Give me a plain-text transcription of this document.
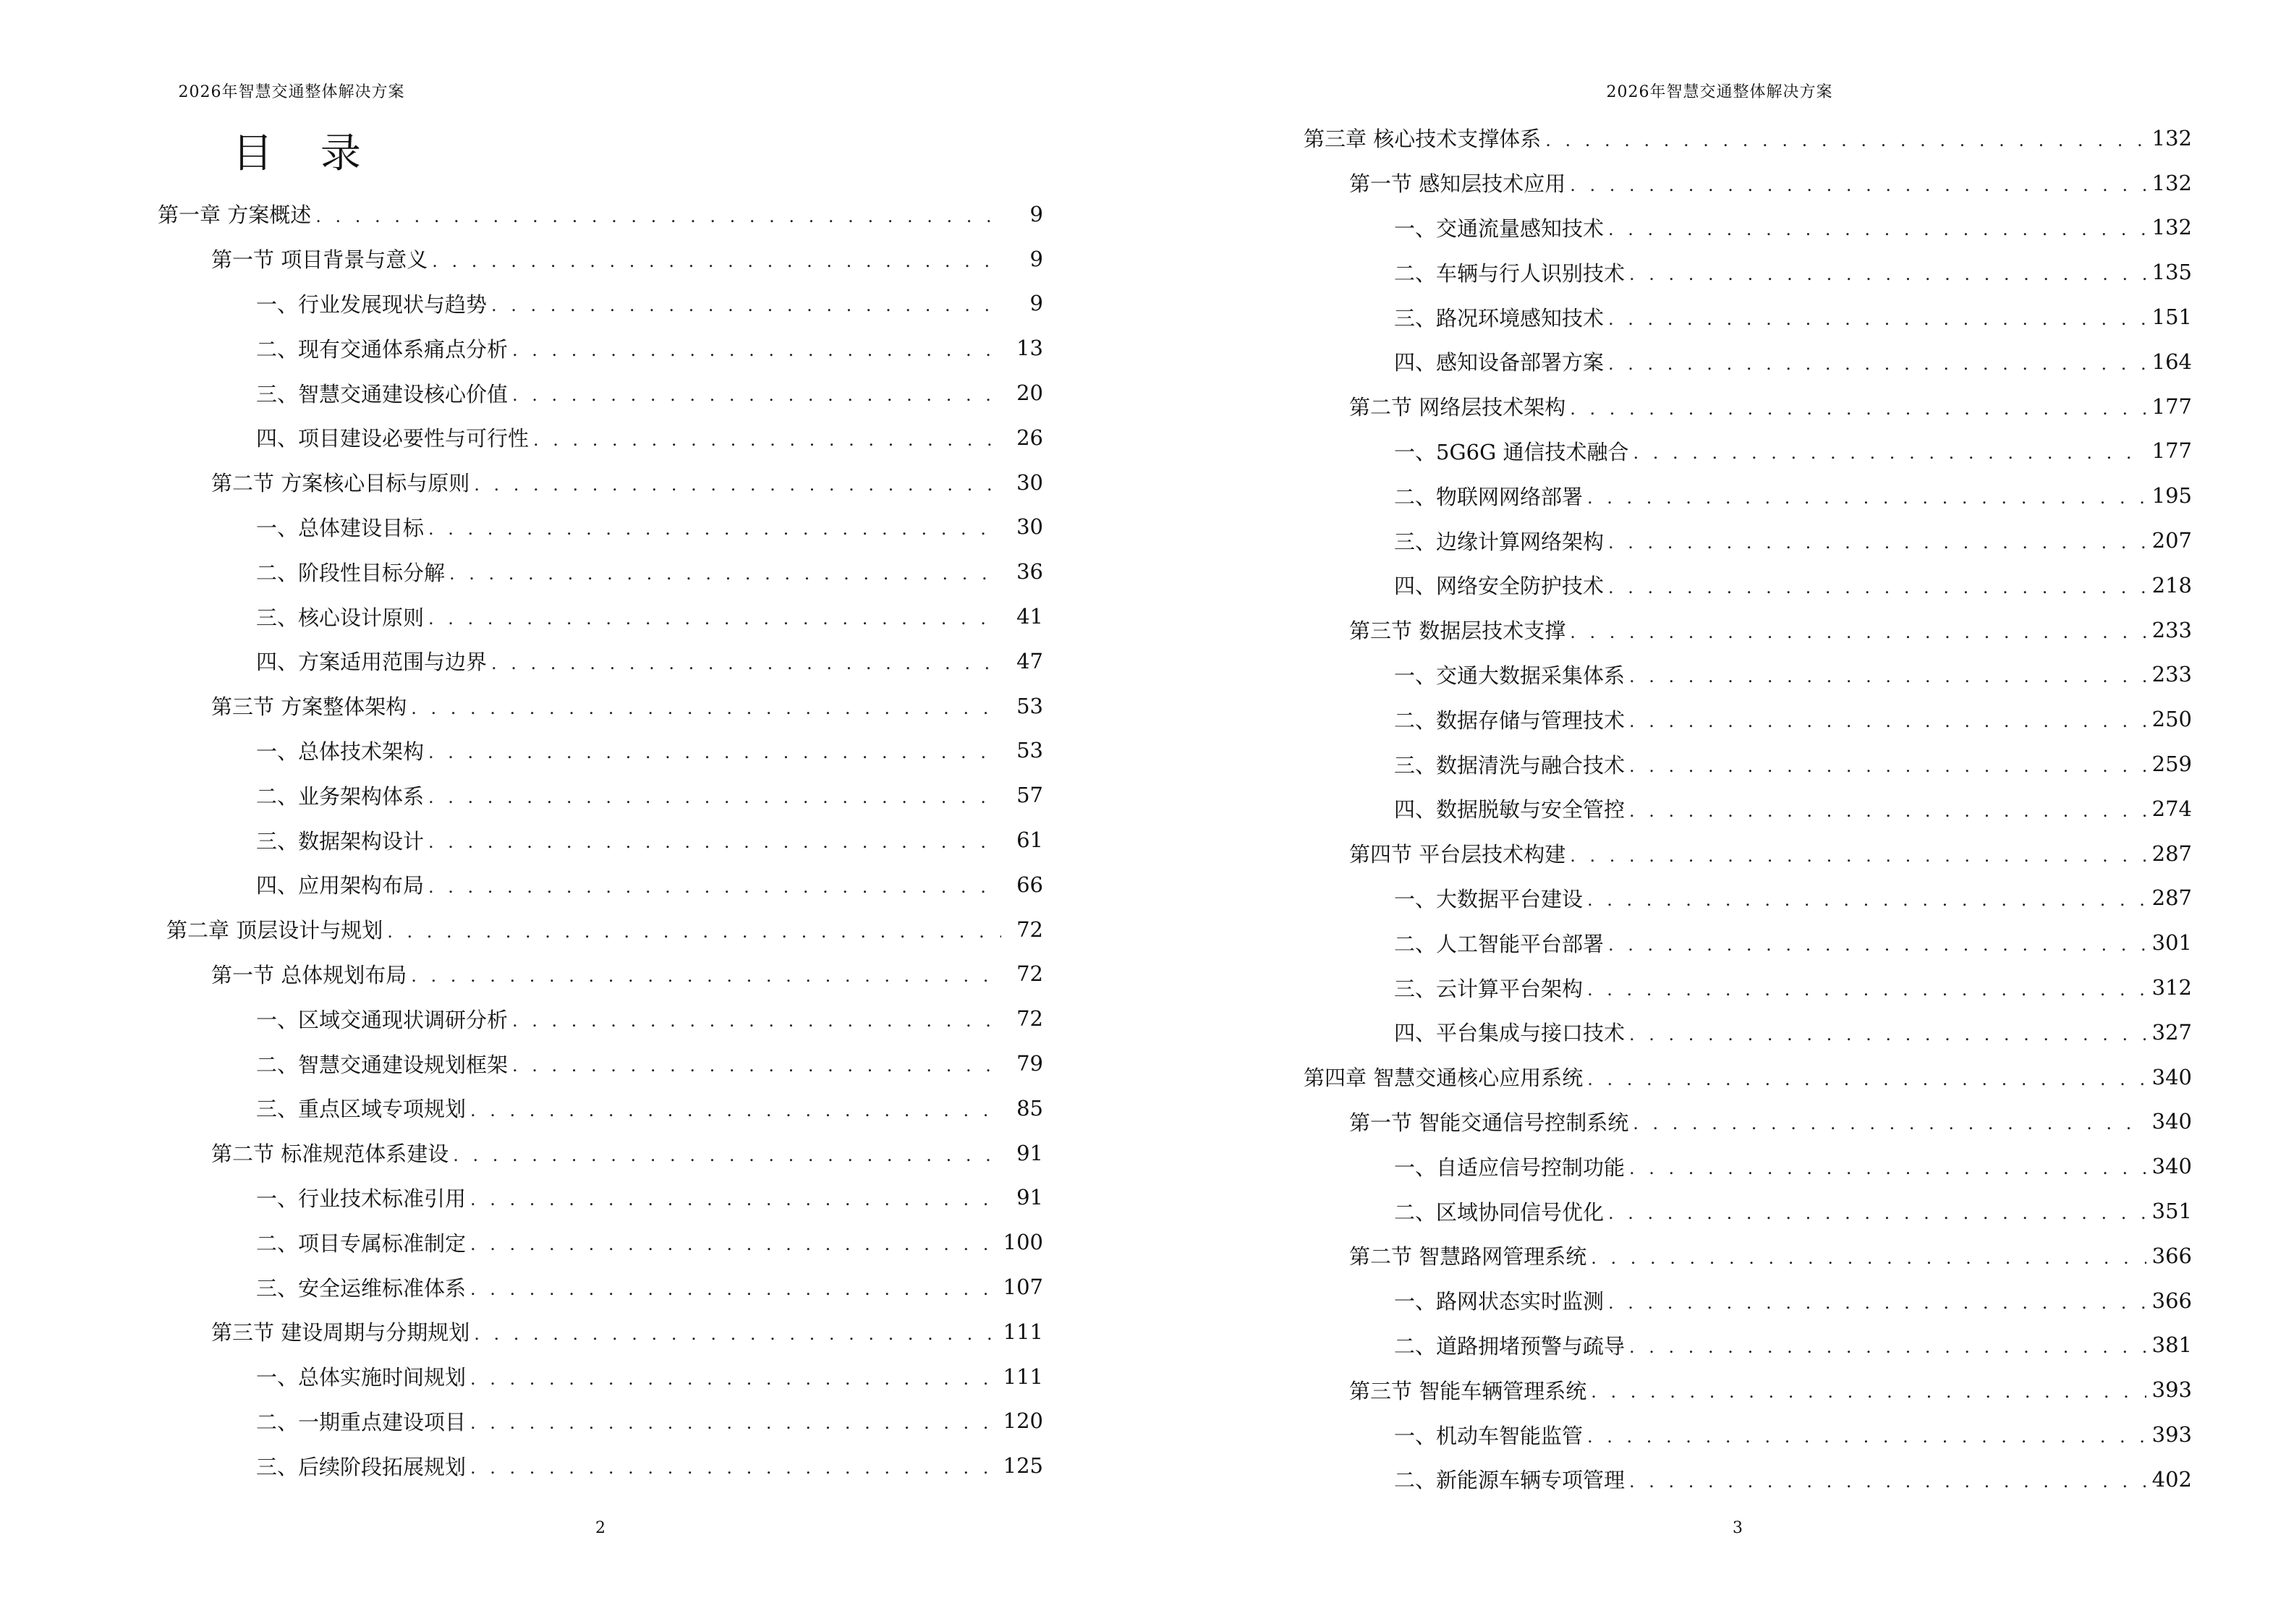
2026年智慧交通整体解决方案
目 录
第一章 方案概述 . . .	9
第一节 项目背景与意义 . . .	9
一、行业发展现状与趋势 . . .	9
二、现有交通体系痛点分析 . . .	13
三、智慧交通建设核心价值 . . .	20
四、项目建设必要性与可行性 . . .	26
第二节 方案核心目标与原则 . . .	30
一、总体建设目标 . . .	30
二、阶段性目标分解 . . .	36
三、核心设计原则 . . .	41
四、方案适用范围与边界 . . .	47
第三节 方案整体架构 . . .	53
一、总体技术架构 . . .	53
二、业务架构体系 . . .	57
三、数据架构设计 . . .	61
四、应用架构布局 . . .	66
第二章 顶层设计与规划 . . .	72
第一节 总体规划布局 . . .	72
一、区域交通现状调研分析 . . .	72
二、智慧交通建设规划框架 . . .	79
三、重点区域专项规划 . . .	85
第二节 标准规范体系建设 . . .	91
一、行业技术标准引用 . . .	91
二、项目专属标准制定 . . .	100
三、安全运维标准体系 . . .	107
第三节 建设周期与分期规划 . . .	111
一、总体实施时间规划 . . .	111
二、一期重点建设项目 . . .	120
三、后续阶段拓展规划 . . .	125
2
2026年智慧交通整体解决方案
第三章 核心技术支撑体系 . . .	132
第一节 感知层技术应用 . . .	132
一、交通流量感知技术 . . .	132
二、车辆与行人识别技术 . . .	135
三、路况环境感知技术 . . .	151
四、感知设备部署方案 . . .	164
第二节 网络层技术架构 . . .	177
一、5G6G 通信技术融合 . . .	177
二、物联网网络部署 . . .	195
三、边缘计算网络架构 . . .	207
四、网络安全防护技术 . . .	218
第三节 数据层技术支撑 . . .	233
一、交通大数据采集体系 . . .	233
二、数据存储与管理技术 . . .	250
三、数据清洗与融合技术 . . .	259
四、数据脱敏与安全管控 . . .	274
第四节 平台层技术构建 . . .	287
一、大数据平台建设 . . .	287
二、人工智能平台部署 . . .	301
三、云计算平台架构 . . .	312
四、平台集成与接口技术 . . .	327
第四章 智慧交通核心应用系统 . . .	340
第一节 智能交通信号控制系统 . . .	340
一、自适应信号控制功能 . . .	340
二、区域协同信号优化 . . .	351
第二节 智慧路网管理系统 . . .	366
一、路网状态实时监测 . . .	366
二、道路拥堵预警与疏导 . . .	381
第三节 智能车辆管理系统 . . .	393
一、机动车智能监管 . . .	393
二、新能源车辆专项管理 . . .	402
3
